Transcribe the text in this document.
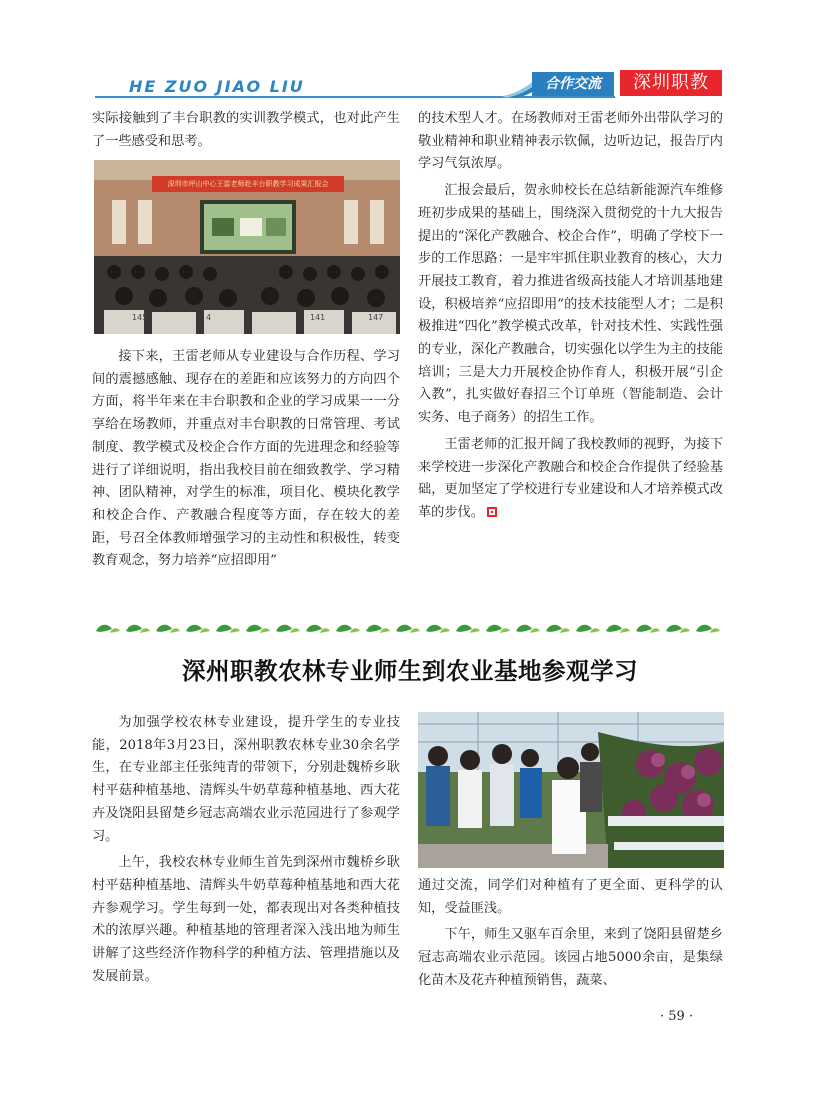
HE ZUO JIAO LIU	合作交流	深圳职教

实际接触到了丰台职教的实训教学模式，也对此产生了一些感受和思考。

145	4	141	147
深圳市坪山中心王雷老师赴丰台职教学习成果汇报会

接下来，王雷老师从专业建设与合作历程、学习间的震撼感触、现存在的差距和应该努力的方向四个方面，将半年来在丰台职教和企业的学习成果一一分享给在场教师，并重点对丰台职教的日常管理、考试制度、教学模式及校企合作方面的先进理念和经验等进行了详细说明，指出我校目前在细致教学、学习精神、团队精神，对学生的标准，项目化、模块化教学和校企合作、产教融合程度等方面，存在较大的差距，号召全体教师增强学习的主动性和积极性，转变教育观念，努力培养“应招即用”

的技术型人才。在场教师对王雷老师外出带队学习的敬业精神和职业精神表示钦佩，边听边记，报告厅内学习气氛浓厚。

汇报会最后，贺永帅校长在总结新能源汽车维修班初步成果的基础上，围绕深入贯彻党的十九大报告提出的“深化产教融合、校企合作”，明确了学校下一步的工作思路：一是牢牢抓住职业教育的核心，大力开展技工教育，着力推进省级高技能人才培训基地建设，积极培养“应招即用”的技术技能型人才；二是积极推进“四化”教学模式改革，针对技术性、实践性强的专业，深化产教融合，切实强化以学生为主的技能培训；三是大力开展校企协作育人，积极开展“引企入教”，扎实做好春招三个订单班（智能制造、会计实务、电子商务）的招生工作。

王雷老师的汇报开阔了我校教师的视野，为接下来学校进一步深化产教融合和校企合作提供了经验基础，更加坚定了学校进行专业建设和人才培养模式改革的步伐。

深州职教农林专业师生到农业基地参观学习

为加强学校农林专业建设，提升学生的专业技能，2018年3月23日，深州职教农林专业30余名学生，在专业部主任张纯青的带领下，分别赴魏桥乡耿村平菇种植基地、清辉头牛奶草莓种植基地、西大花卉及饶阳县留楚乡冠志高端农业示范园进行了参观学习。

上午，我校农林专业师生首先到深州市魏桥乡耿村平菇种植基地、清辉头牛奶草莓种植基地和西大花卉参观学习。学生每到一处，都表现出对各类种植技术的浓厚兴趣。种植基地的管理者深入浅出地为师生讲解了这些经济作物科学的种植方法、管理措施以及发展前景。

通过交流，同学们对种植有了更全面、更科学的认知，受益匪浅。

下午，师生又驱车百余里，来到了饶阳县留楚乡冠志高端农业示范园。该园占地5000余亩，是集绿化苗木及花卉种植预销售，蔬菜、

· 59 ·
